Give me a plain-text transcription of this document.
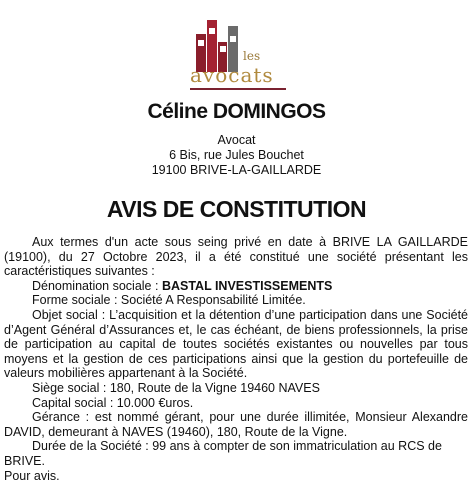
les
avocats
Céline DOMINGOS
Avocat
6 Bis, rue Jules Bouchet
19100 BRIVE-LA-GAILLARDE
AVIS DE CONSTITUTION

Aux termes d'un acte sous seing privé en date à BRIVE LA GAILLARDE (19100), du 27 Octobre 2023, il a été constitué une société présentant les caractéristiques suivantes :

Dénomination sociale : BASTAL INVESTISSEMENTS

Forme sociale : Société A Responsabilité Limitée.

Objet social : L’acquisition et la détention d’une participation dans une Société d’Agent Général d’Assurances et, le cas échéant, de biens professionnels, la prise de participation au capital de toutes sociétés existantes ou nouvelles par tous moyens et la gestion de ces participations ainsi que la gestion du portefeuille de valeurs mobilières appartenant à la Société.

Siège social : 180, Route de la Vigne 19460 NAVES

Capital social : 10.000 €uros.

Gérance : est nommé gérant, pour une durée illimitée, Monsieur Alexandre DAVID, demeurant à NAVES (19460), 180, Route de la Vigne.

Durée de la Société : 99 ans à compter de son immatriculation au RCS de BRIVE.

Pour avis.
